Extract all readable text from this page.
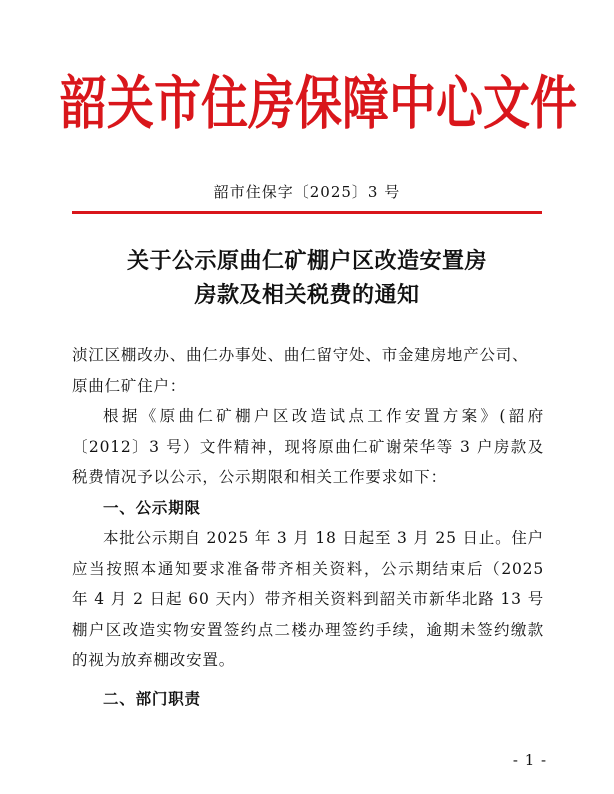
韶关市住房保障中心文件
韶市住保字〔2025〕3 号
关于公示原曲仁矿棚户区改造安置房
房款及相关税费的通知

浈江区棚改办、曲仁办事处、曲仁留守处、市金建房地产公司、

原曲仁矿住户：

根据《原曲仁矿棚户区改造试点工作安置方案》(韶府〔2012〕3 号）文件精神，现将原曲仁矿谢荣华等 3 户房款及税费情况予以公示，公示期限和相关工作要求如下：

一、公示期限

本批公示期自 2025 年 3 月 18 日起至 3 月 25 日止。住户应当按照本通知要求准备带齐相关资料，公示期结束后（2025 年 4 月 2 日起 60 天内）带齐相关资料到韶关市新华北路 13 号棚户区改造实物安置签约点二楼办理签约手续，逾期未签约缴款的视为放弃棚改安置。

二、部门职责

- 1 -
